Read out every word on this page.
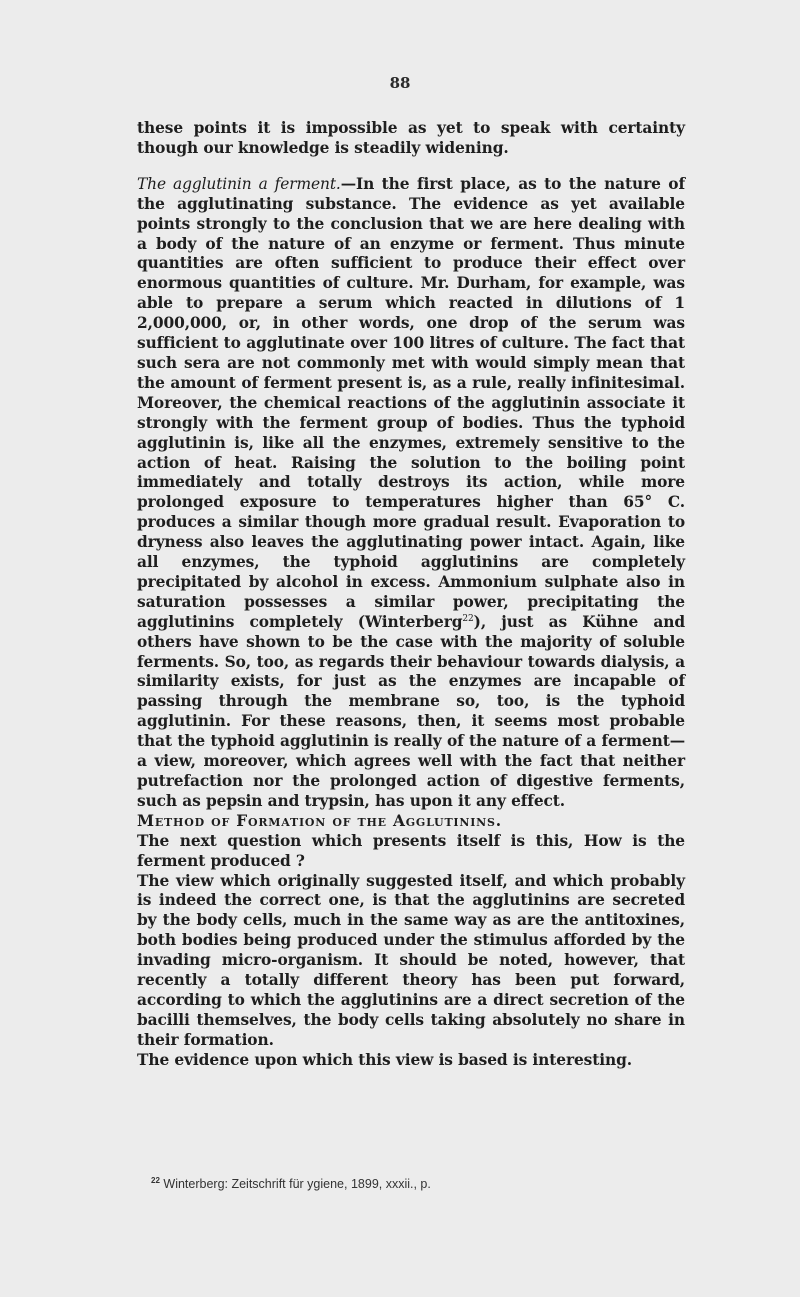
88

these points it is impossible as yet to speak with certainty though our knowledge is steadily widening.

The agglutinin a ferment.—In the first place, as to the nature of the agglutinating substance. The evidence as yet available points strongly to the conclusion that we are here dealing with a body of the nature of an enzyme or ferment. Thus minute quantities are often sufficient to produce their effect over enormous quantities of culture. Mr. Durham, for example, was able to prepare a serum which reacted in dilutions of 1 2,000,000, or, in other words, one drop of the serum was sufficient to agglutinate over 100 litres of culture. The fact that such sera are not commonly met with would simply mean that the amount of ferment present is, as a rule, really infinitesimal. Moreover, the chemical reactions of the agglutinin associate it strongly with the ferment group of bodies. Thus the typhoid agglutinin is, like all the enzymes, extremely sensitive to the action of heat. Raising the solution to the boiling point immediately and totally destroys its action, while more prolonged exposure to temperatures higher than 65° C. produces a similar though more gradual result. Evaporation to dryness also leaves the agglutinating power intact. Again, like all enzymes, the typhoid agglutinins are completely precipitated by alcohol in excess. Ammonium sulphate also in saturation possesses a similar power, precipitating the agglutinins completely (Winterberg$^{22}$), just as Kühne and others have shown to be the case with the majority of soluble ferments. So, too, as regards their behaviour towards dialysis, a similarity exists, for just as the enzymes are incapable of passing through the membrane so, too, is the typhoid agglutinin. For these reasons, then, it seems most probable that the typhoid agglutinin is really of the nature of a ferment—a view, moreover, which agrees well with the fact that neither putrefaction nor the prolonged action of digestive ferments, such as pepsin and trypsin, has upon it any effect.

Method of Formation of the Agglutinins.

The next question which presents itself is this, How is the ferment produced ?

The view which originally suggested itself, and which probably is indeed the correct one, is that the agglutinins are secreted by the body cells, much in the same way as are the antitoxines, both bodies being produced under the stimulus afforded by the invading micro-organism. It should be noted, however, that recently a totally different theory has been put forward, according to which the agglutinins are a direct secretion of the bacilli themselves, the body cells taking absolutely no share in their formation.

The evidence upon which this view is based is interesting.

$^{22}$ Winterberg: Zeitschrift für ygiene, 1899, xxxii., p.
